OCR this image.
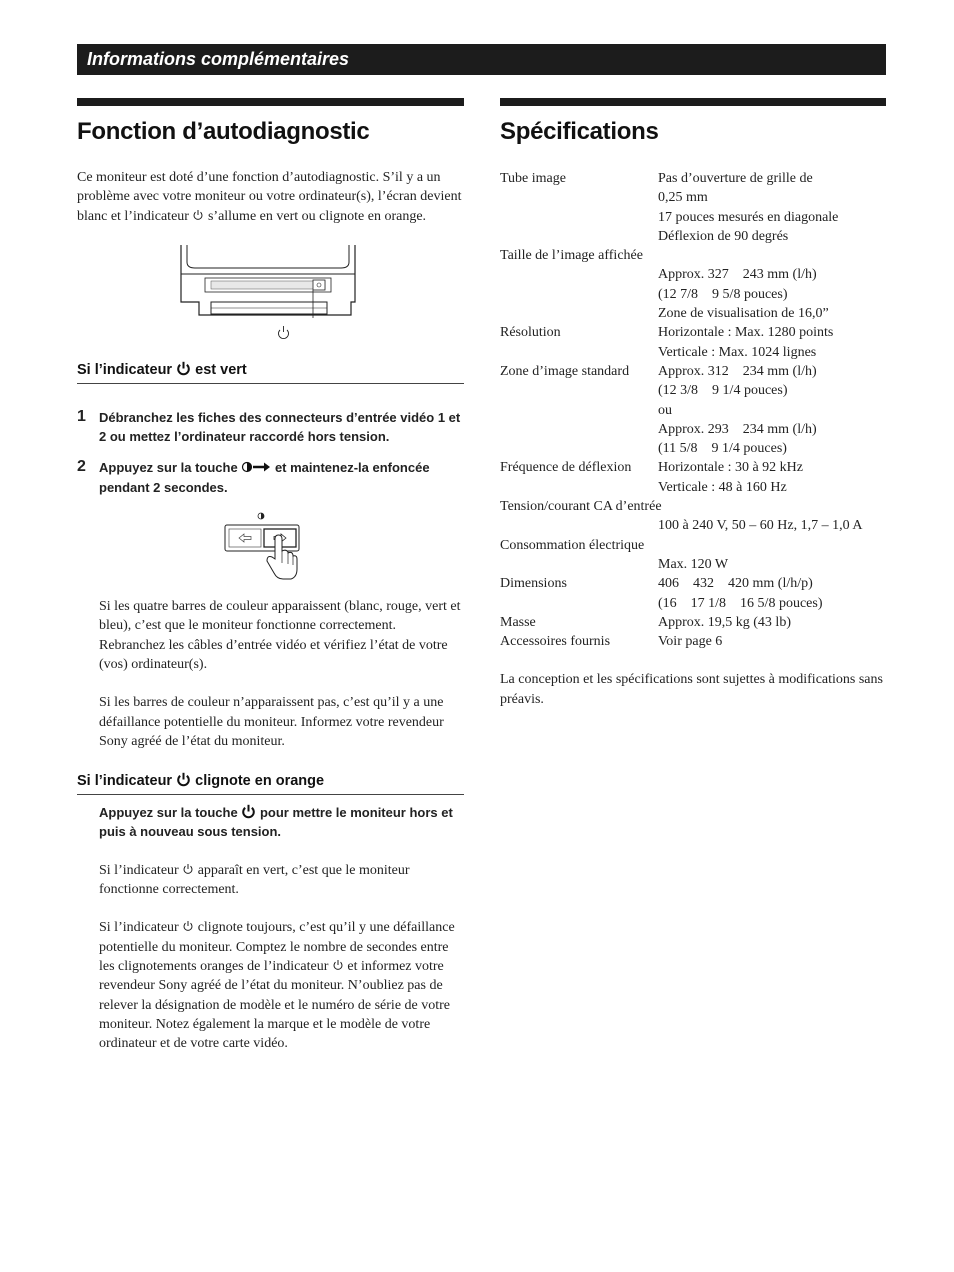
Informations complémentaires
Fonction d’autodiagnostic

Ce moniteur est doté d’une fonction d’autodiagnostic. S’il y a un problème avec votre moniteur ou votre ordinateur(s), l’écran devient blanc et l’indicateur s’allume en vert ou clignote en orange.

Si l’indicateur est vert
1 Débranchez les fiches des connecteurs d’entrée vidéo 1 et 2 ou mettez l’ordinateur raccordé hors tension.
2 Appuyez sur la touche	et maintenez-la enfoncée pendant 2 secondes.

Si les quatre barres de couleur apparaissent (blanc, rouge, vert et bleu), c’est que le moniteur fonctionne correctement. Rebranchez les câbles d’entrée vidéo et vérifiez l’état de votre (vos) ordinateur(s).

Si les barres de couleur n’apparaissent pas, c’est qu’il y a une défaillance potentielle du moniteur. Informez votre revendeur Sony agréé de l’état du moniteur.

Si l’indicateur clignote en orange
Appuyez sur la touche pour mettre le moniteur hors et puis à nouveau sous tension.

Si l’indicateur apparaît en vert, c’est que le moniteur fonctionne correctement.

Si l’indicateur clignote toujours, c’est qu’il y une défaillance potentielle du moniteur. Comptez le nombre de secondes entre les clignotements oranges de l’indicateur et informez votre revendeur Sony agréé de l’état du moniteur. N’oubliez pas de relever la désignation de modèle et le numéro de série de votre moniteur. Notez également la marque et le modèle de votre ordinateur et de votre carte vidéo.

Spécifications
Tube image	Pas d’ouverture de grille de
	0,25 mm
	17 pouces mesurés en diagonale
	Déflexion de 90 degrés
Taille de l’image affichée	
	Approx. 327    243 mm (l/h)
	(12 7/8    9 5/8 pouces)
	Zone de visualisation de 16,0”
Résolution	Horizontale : Max. 1280 points
	Verticale : Max. 1024 lignes
Zone d’image standard	Approx. 312    234 mm (l/h)
	(12 3/8    9 1/4 pouces)
	ou
	Approx. 293    234 mm (l/h)
	(11 5/8    9 1/4 pouces)
Fréquence de déflexion	Horizontale : 30 à 92 kHz
	Verticale : 48 à 160 Hz
Tension/courant CA d’entrée	
	100 à 240 V, 50 – 60 Hz, 1,7 – 1,0 A
Consommation électrique	
	Max. 120 W
Dimensions	406    432    420 mm (l/h/p)
	(16    17 1/8    16 5/8 pouces)
Masse	Approx. 19,5 kg (43 lb)
Accessoires fournis	Voir page 6

La conception et les spécifications sont sujettes à modifications sans préavis.
